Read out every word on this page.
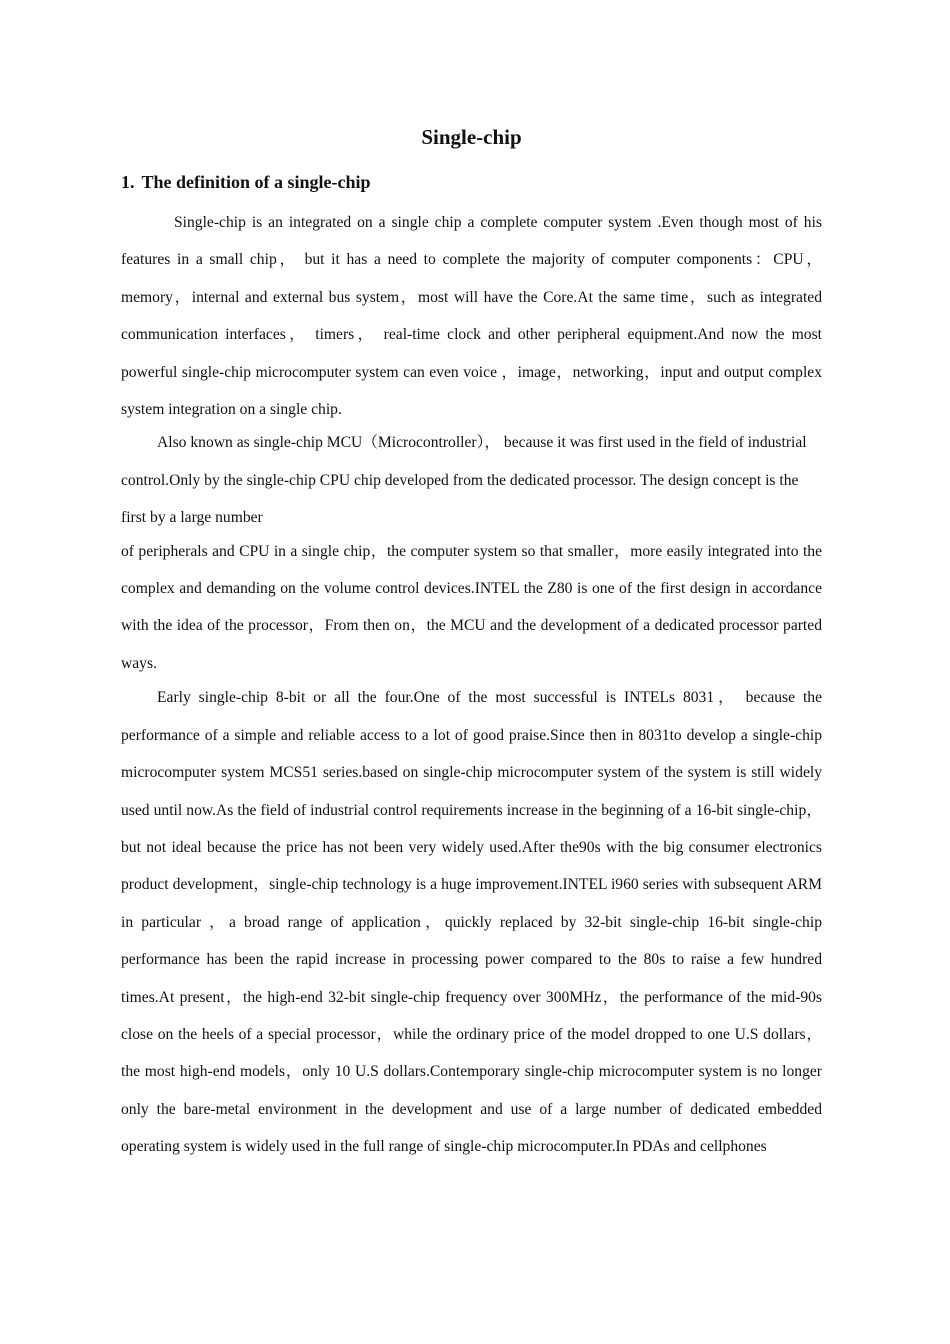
Single-chip
1. The definition of a single-chip

Single-chip is an integrated on a single chip a complete computer system .Even though most of his features in a small chip， but it has a need to complete the majority of computer components：CPU，memory，internal and external bus system，most will have the Core.At the same time，such as integrated communication interfaces， timers， real-time clock and other peripheral equipment.And now the most powerful single-chip microcomputer system can even voice ，image，networking，input and output complex system integration on a single chip.

Also known as single-chip MCU（Microcontroller）， because it was first used in the field of industrial control.Only by the single-chip CPU chip developed from the dedicated processor. The design concept is the first by a large number

of peripherals and CPU in a single chip，the computer system so that smaller，more easily integrated into the complex and demanding on the volume control devices.INTEL the Z80 is one of the first design in accordance with the idea of the processor，From then on，the MCU and the development of a dedicated processor parted ways.

Early single-chip 8-bit or all the four.One of the most successful is INTELs 8031， because the performance of a simple and reliable access to a lot of good praise.Since then in 8031to develop a single-chip microcomputer system MCS51 series.based on single-chip microcomputer system of the system is still widely used until now.As the field of industrial control requirements increase in the beginning of a 16-bit single-chip，but not ideal because the price has not been very widely used.After the90s with the big consumer electronics product development，single-chip technology is a huge improvement.INTEL i960 series with subsequent ARM in particular ，a broad range of application，quickly replaced by 32-bit single-chip 16-bit single-chip performance has been the rapid increase in processing power compared to the 80s to raise a few hundred times.At present，the high-end 32-bit single-chip frequency over 300MHz，the performance of the mid-90s close on the heels of a special processor，while the ordinary price of the model dropped to one U.S dollars，the most high-end models，only 10 U.S dollars.Contemporary single-chip microcomputer system is no longer only the bare-metal environment in the development and use of a large number of dedicated embedded operating system is widely used in the full range of single-chip microcomputer.In PDAs and cellphones
